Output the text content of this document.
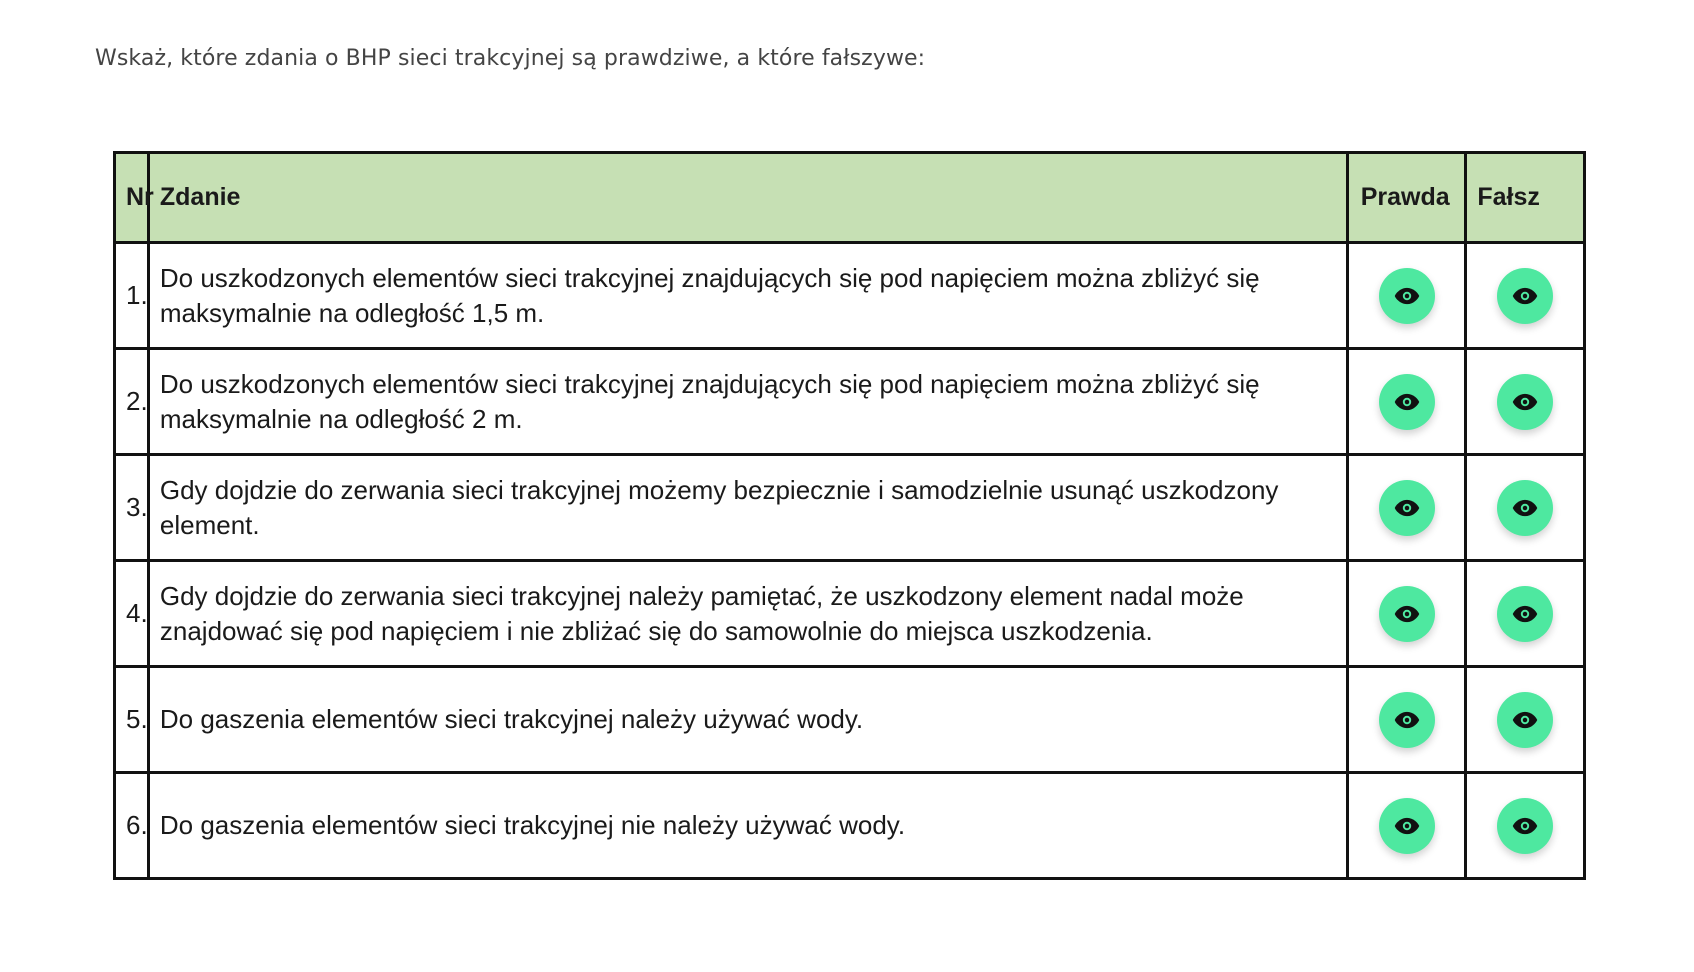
Wskaż, które zdania o BHP sieci trakcyjnej są prawdziwe, a które fałszywe:
Nr	Zdanie	Prawda	Fałsz
1.	Do uszkodzonych elementów sieci trakcyjnej znajdujących się pod napięciem można zbliżyć się maksymalnie na odległość 1,5 m.	

2.	Do uszkodzonych elementów sieci trakcyjnej znajdujących się pod napięciem można zbliżyć się maksymalnie na odległość 2 m.	

3.	Gdy dojdzie do zerwania sieci trakcyjnej możemy bezpiecznie i samodzielnie usunąć uszkodzony element.	

4.	Gdy dojdzie do zerwania sieci trakcyjnej należy pamiętać, że uszkodzony element nadal może znajdować się pod napięciem i nie zbliżać się do samowolnie do miejsca uszkodzenia.	

5.	Do gaszenia elementów sieci trakcyjnej należy używać wody.	

6.	Do gaszenia elementów sieci trakcyjnej nie należy używać wody.	
